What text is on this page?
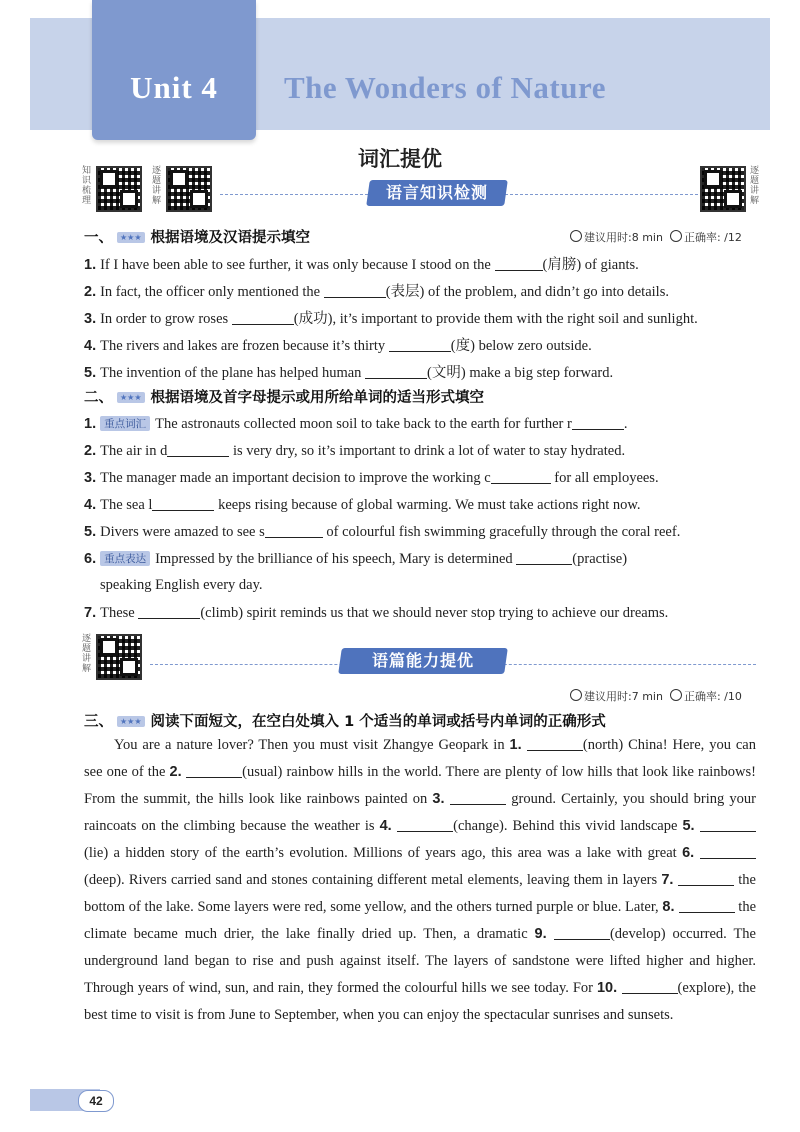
Unit 4	The Wonders of Nature
词汇提优
知识梳理
逐题讲解
逐题讲解
语言知识检测
建议用时:8 min 正确率: /12
一、 ★★★ 根据语境及汉语提示填空
1. If I have been able to see further, it was only because I stood on the	(肩膀) of giants.
2. In fact, the officer only mentioned the	(表层) of the problem, and didn’t go into details.
3. In order to grow roses	(成功), it’s important to provide them with the right soil and sunlight.
4. The rivers and lakes are frozen because it’s thirty	(度) below zero outside.
5. The invention of the plane has helped human	(文明) make a big step forward.
二、 ★★★ 根据语境及首字母提示或用所给单词的适当形式填空
1. 重点词汇 The astronauts collected moon soil to take back to the earth for further r	.
2. The air in d	is very dry, so it’s important to drink a lot of water to stay hydrated.
3. The manager made an important decision to improve the working c	for all employees.
4. The sea l	keeps rising because of global warming. We must take actions right now.
5. Divers were amazed to see s	of colourful fish swimming gracefully through the coral reef.
6. 重点表达 Impressed by the brilliance of his speech, Mary is determined	(practise)
speaking English every day.
7. These	(climb) spirit reminds us that we should never stop trying to achieve our dreams.
逐题讲解	语篇能力提优
建议用时:7 min 正确率: /10
三、 ★★★ 阅读下面短文，在空白处填入 1 个适当的单词或括号内单词的正确形式
You are a nature lover? Then you must visit Zhangye Geopark in 1.	(north) China! Here, you can see one of the 2.	(usual) rainbow hills in the world. There are plenty of low hills that look like rainbows! From the summit, the hills look like rainbows painted on 3.	ground. Certainly, you should bring your raincoats on the climbing because the weather is 4.	(change). Behind this vivid landscape 5. (lie) a hidden story of the earth’s evolution. Millions of years ago, this area was a lake with great 6. (deep). Rivers carried sand and stones containing different metal elements, leaving them in layers 7.	the bottom of the lake. Some layers were red, some yellow, and the others turned purple or blue. Later, 8.	the climate became much drier, the lake finally dried up. Then, a dramatic 9.	(develop) occurred. The underground land began to rise and push against itself. The layers of sandstone were lifted higher and higher. Through years of wind, sun, and rain, they formed the colourful hills we see today. For 10.	(explore), the best time to visit is from June to September, when you can enjoy the spectacular sunrises and sunsets.
42
